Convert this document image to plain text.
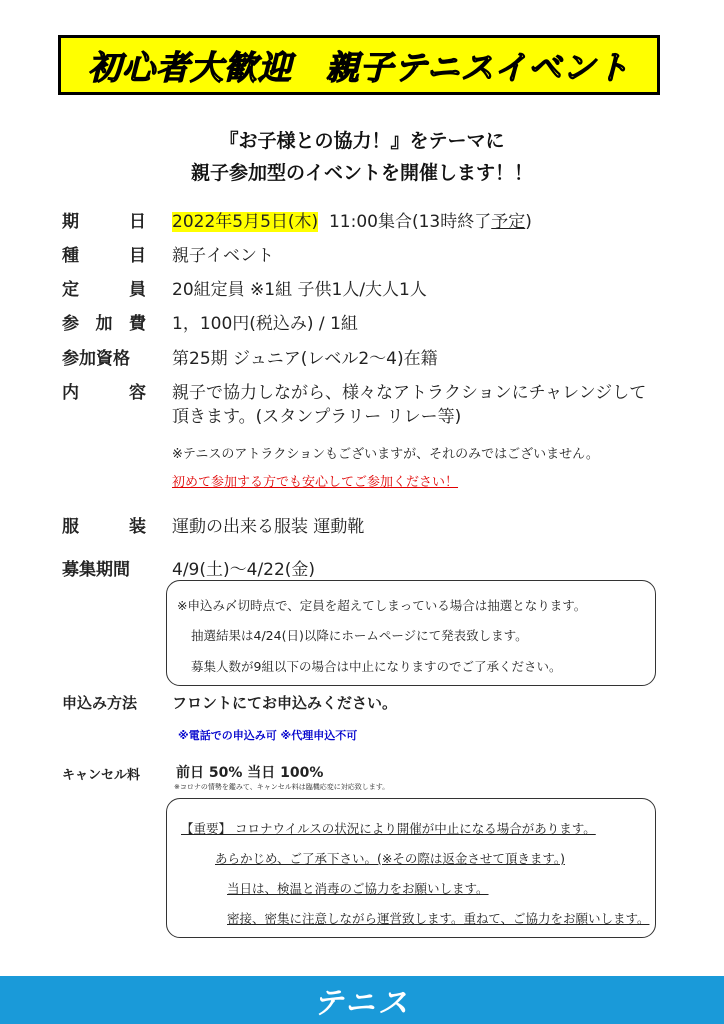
初心者大歓迎　親子テニスイベント
『お子様との協力！』をテーマに
親子参加型のイベントを開催します！！
期	日 2022年5月5日(木)  11:00集合(13時終了予定)
種	目 親子イベント
定	員 20組定員 ※1組 子供1人/大人1人
参 加 費 1，100円(税込み) / 1組
参加資格 第25期 ジュニア(レベル2～4)在籍
内	容 親子で協力しながら、様々なアトラクションにチャレンジして
頂きます。(スタンプラリー リレー等)
※テニスのアトラクションもございますが、それのみではございません。
初めて参加する方でも安心してご参加ください！
服	装 運動の出来る服装 運動靴
募集期間 4/9(土)～4/22(金)
※申込み〆切時点で、定員を超えてしまっている場合は抽選となります。
抽選結果は4/24(日)以降にホームページにて発表致します。
募集人数が9組以下の場合は中止になりますのでご了承ください。
申込み方法 フロントにてお申込みください。
※電話での申込み可 ※代理申込不可
キャンセル料	前日 50% 当日 100%
※コロナの情勢を鑑みて、キャンセル料は臨機応変に対応致します。
【重要】 コロナウイルスの状況により開催が中止になる場合があります。
あらかじめ、ご了承下さい。(※その際は返金させて頂きます。)
当日は、検温と消毒のご協力をお願いします。
密接、密集に注意しながら運営致します。重ねて、ご協力をお願いします。
テニス
